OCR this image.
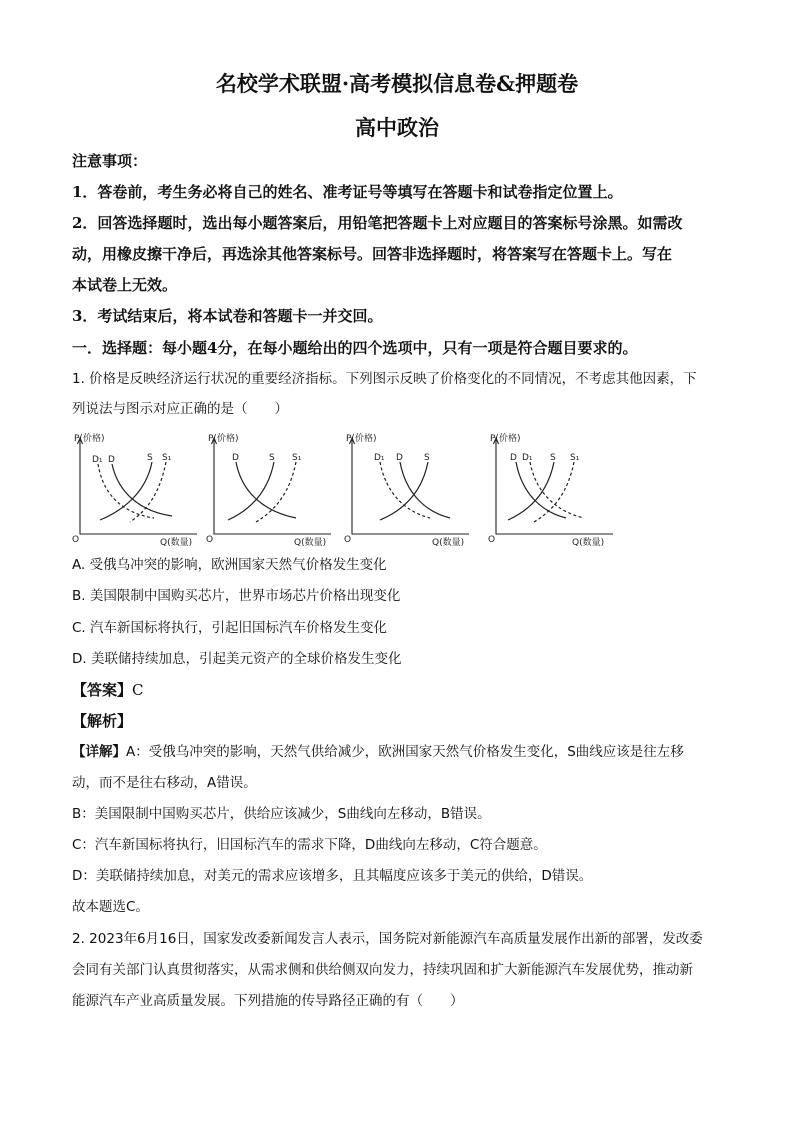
名校学术联盟·高考模拟信息卷&押题卷
高中政治
注意事项：
1．答卷前，考生务必将自己的姓名、准考证号等填写在答题卡和试卷指定位置上。
2．回答选择题时，选出每小题答案后，用铅笔把答题卡上对应题目的答案标号涂黑。如需改
动，用橡皮擦干净后，再选涂其他答案标号。回答非选择题时，将答案写在答题卡上。写在
本试卷上无效。
3．考试结束后，将本试卷和答题卡一并交回。
一．选择题：每小题4分，在每小题给出的四个选项中，只有一项是符合题目要求的。
1. 价格是反映经济运行状况的重要经济指标。下列图示反映了价格变化的不同情况，不考虑其他因素，下
列说法与图示对应正确的是（　　）
P(价格)
O	Q(数量)
D₁ D	S S₁
P(价格)
O	Q(数量)
D	S S₁
P(价格)
O	Q(数量)
D₁ D S
P(价格)
O	Q(数量)
D D₁ S S₁
A. 受俄乌冲突的影响，欧洲国家天然气价格发生变化
B. 美国限制中国购买芯片，世界市场芯片价格出现变化
C. 汽车新国标将执行，引起旧国标汽车价格发生变化
D. 美联储持续加息，引起美元资产的全球价格发生变化
【答案】C
【解析】
【详解】A：受俄乌冲突的影响，天然气供给减少，欧洲国家天然气价格发生变化，S曲线应该是往左移
动，而不是往右移动，A错误。
B：美国限制中国购买芯片，供给应该减少，S曲线向左移动，B错误。
C：汽车新国标将执行，旧国标汽车的需求下降，D曲线向左移动，C符合题意。
D：美联储持续加息，对美元的需求应该增多，且其幅度应该多于美元的供给，D错误。
故本题选C。
2. 2023年6月16日，国家发改委新闻发言人表示，国务院对新能源汽车高质量发展作出新的部署，发改委
会同有关部门认真贯彻落实，从需求侧和供给侧双向发力，持续巩固和扩大新能源汽车发展优势，推动新
能源汽车产业高质量发展。下列措施的传导路径正确的有（　　）
